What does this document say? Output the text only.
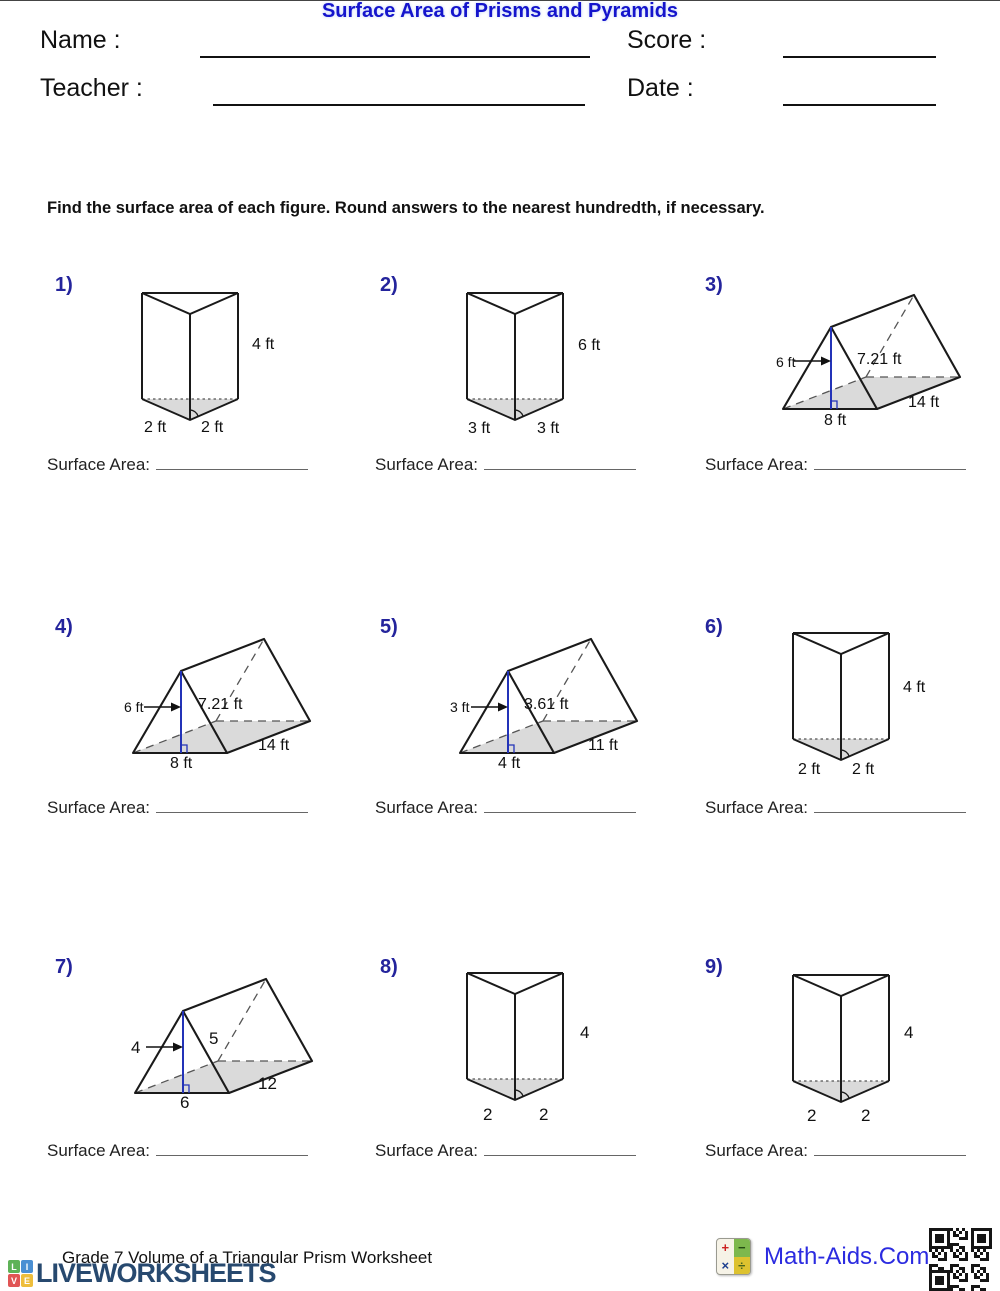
Name :	Score :
Teacher :	Date :
Surface Area of Prisms and Pyramids
Find the surface area of each figure. Round answers to the nearest hundredth, if necessary.
1)
4 ft
2 ft 2 ft
Surface Area:
2)
6 ft
3 ft	3 ft
Surface Area:
3)
6 ft	7.21 ft
14 ft
8 ft
Surface Area:
4)
6 ft	7.21 ft
14 ft
8 ft
Surface Area:
5)
3 ft	3.61 ft
11 ft
4 ft
Surface Area:
6)
4 ft
2 ft 2 ft
Surface Area:
7)
4	5
12
6
Surface Area:
8)
4
2	2
Surface Area:
9)
4
2	2
Surface Area:
Grade 7 Volume of a Triangular Prism Worksheet
L I
V E LIVEWORKSHEETS
+ −
× ÷ Math-Aids.Com
